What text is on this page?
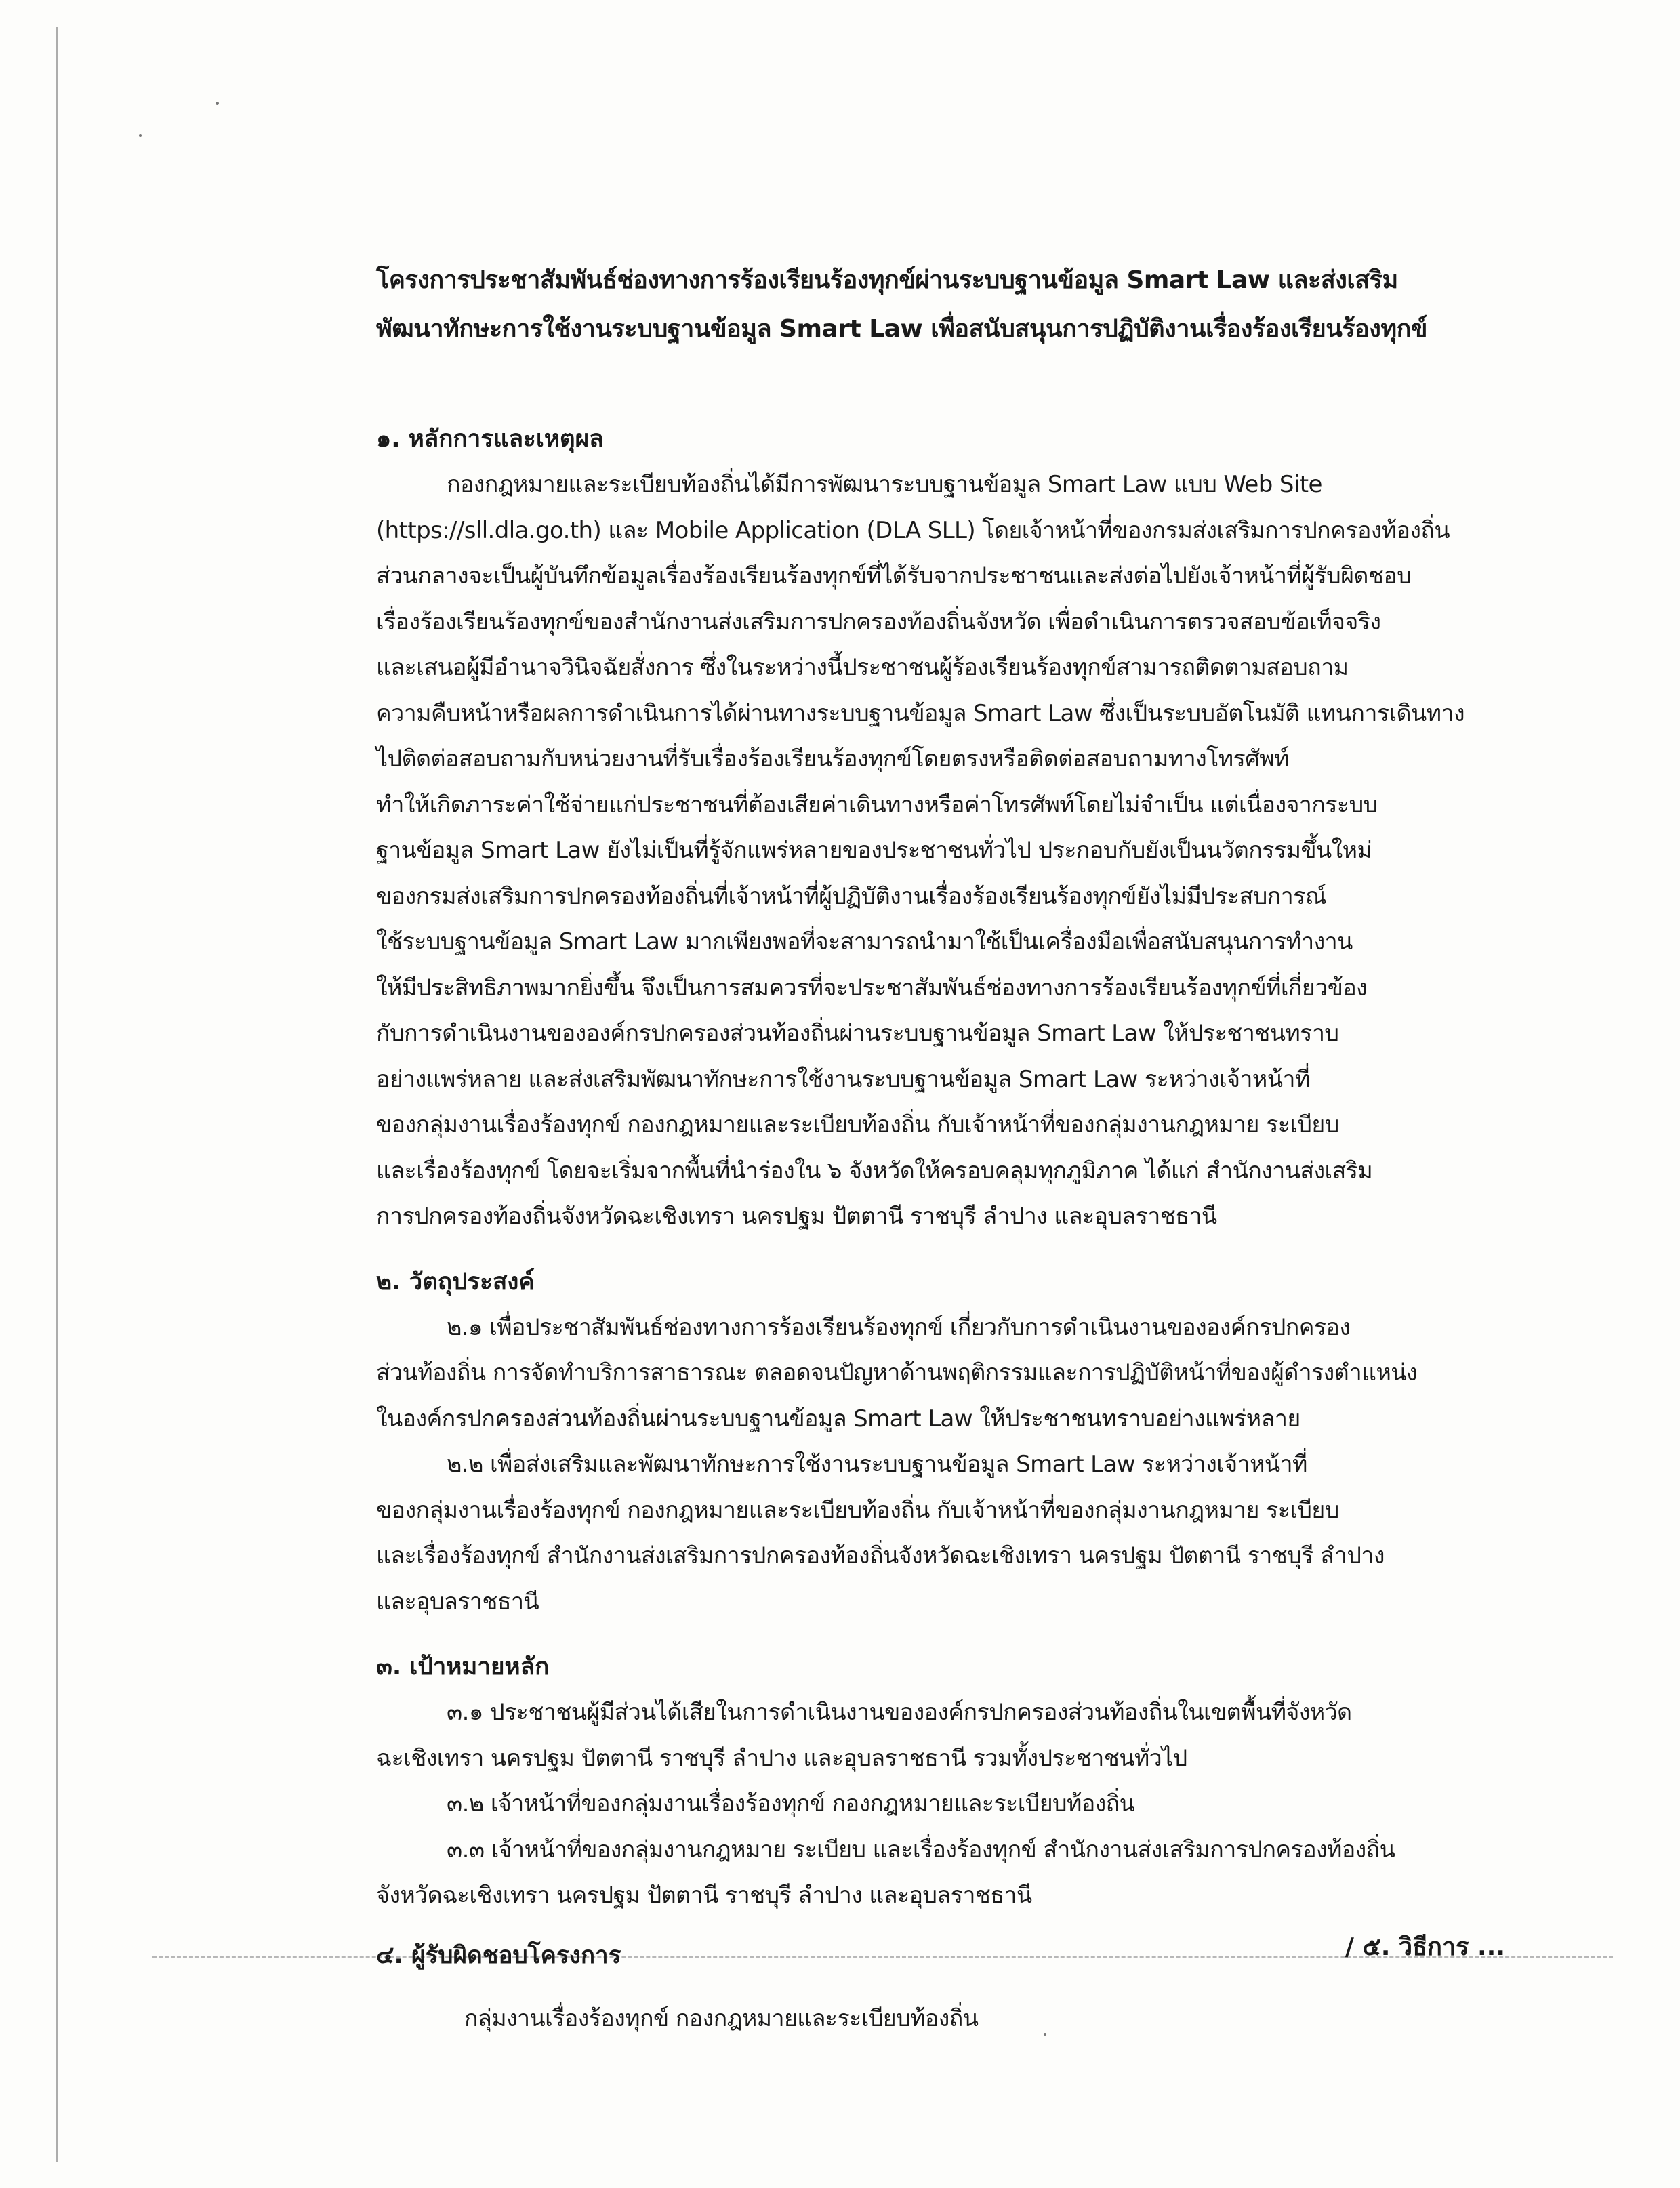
โครงการประชาสัมพันธ์ช่องทางการร้องเรียนร้องทุกข์ผ่านระบบฐานข้อมูล Smart Law และส่งเสริม
พัฒนาทักษะการใช้งานระบบฐานข้อมูล Smart Law เพื่อสนับสนุนการปฏิบัติงานเรื่องร้องเรียนร้องทุกข์
๑. หลักการและเหตุผล
กองกฎหมายและระเบียบท้องถิ่นได้มีการพัฒนาระบบฐานข้อมูล Smart Law แบบ Web Site
(https://sll.dla.go.th) และ Mobile Application (DLA SLL) โดยเจ้าหน้าที่ของกรมส่งเสริมการปกครองท้องถิ่น
ส่วนกลางจะเป็นผู้บันทึกข้อมูลเรื่องร้องเรียนร้องทุกข์ที่ได้รับจากประชาชนและส่งต่อไปยังเจ้าหน้าที่ผู้รับผิดชอบ
เรื่องร้องเรียนร้องทุกข์ของสำนักงานส่งเสริมการปกครองท้องถิ่นจังหวัด เพื่อดำเนินการตรวจสอบข้อเท็จจริง
และเสนอผู้มีอำนาจวินิจฉัยสั่งการ ซึ่งในระหว่างนี้ประชาชนผู้ร้องเรียนร้องทุกข์สามารถติดตามสอบถาม
ความคืบหน้าหรือผลการดำเนินการได้ผ่านทางระบบฐานข้อมูล Smart Law ซึ่งเป็นระบบอัตโนมัติ แทนการเดินทาง
ไปติดต่อสอบถามกับหน่วยงานที่รับเรื่องร้องเรียนร้องทุกข์โดยตรงหรือติดต่อสอบถามทางโทรศัพท์
ทำให้เกิดภาระค่าใช้จ่ายแก่ประชาชนที่ต้องเสียค่าเดินทางหรือค่าโทรศัพท์โดยไม่จำเป็น แต่เนื่องจากระบบ
ฐานข้อมูล Smart Law ยังไม่เป็นที่รู้จักแพร่หลายของประชาชนทั่วไป ประกอบกับยังเป็นนวัตกรรมขึ้นใหม่
ของกรมส่งเสริมการปกครองท้องถิ่นที่เจ้าหน้าที่ผู้ปฏิบัติงานเรื่องร้องเรียนร้องทุกข์ยังไม่มีประสบการณ์
ใช้ระบบฐานข้อมูล Smart Law มากเพียงพอที่จะสามารถนำมาใช้เป็นเครื่องมือเพื่อสนับสนุนการทำงาน
ให้มีประสิทธิภาพมากยิ่งขึ้น จึงเป็นการสมควรที่จะประชาสัมพันธ์ช่องทางการร้องเรียนร้องทุกข์ที่เกี่ยวข้อง
กับการดำเนินงานขององค์กรปกครองส่วนท้องถิ่นผ่านระบบฐานข้อมูล Smart Law ให้ประชาชนทราบ
อย่างแพร่หลาย และส่งเสริมพัฒนาทักษะการใช้งานระบบฐานข้อมูล Smart Law ระหว่างเจ้าหน้าที่
ของกลุ่มงานเรื่องร้องทุกข์ กองกฎหมายและระเบียบท้องถิ่น กับเจ้าหน้าที่ของกลุ่มงานกฎหมาย ระเบียบ
และเรื่องร้องทุกข์ โดยจะเริ่มจากพื้นที่นำร่องใน ๖ จังหวัดให้ครอบคลุมทุกภูมิภาค ได้แก่ สำนักงานส่งเสริม
การปกครองท้องถิ่นจังหวัดฉะเชิงเทรา นครปฐม ปัตตานี ราชบุรี ลำปาง และอุบลราชธานี
๒. วัตถุประสงค์
๒.๑ เพื่อประชาสัมพันธ์ช่องทางการร้องเรียนร้องทุกข์ เกี่ยวกับการดำเนินงานขององค์กรปกครอง
ส่วนท้องถิ่น การจัดทำบริการสาธารณะ ตลอดจนปัญหาด้านพฤติกรรมและการปฏิบัติหน้าที่ของผู้ดำรงตำแหน่ง
ในองค์กรปกครองส่วนท้องถิ่นผ่านระบบฐานข้อมูล Smart Law ให้ประชาชนทราบอย่างแพร่หลาย
๒.๒ เพื่อส่งเสริมและพัฒนาทักษะการใช้งานระบบฐานข้อมูล Smart Law ระหว่างเจ้าหน้าที่
ของกลุ่มงานเรื่องร้องทุกข์ กองกฎหมายและระเบียบท้องถิ่น กับเจ้าหน้าที่ของกลุ่มงานกฎหมาย ระเบียบ
และเรื่องร้องทุกข์ สำนักงานส่งเสริมการปกครองท้องถิ่นจังหวัดฉะเชิงเทรา นครปฐม ปัตตานี ราชบุรี ลำปาง
และอุบลราชธานี
๓. เป้าหมายหลัก
๓.๑ ประชาชนผู้มีส่วนได้เสียในการดำเนินงานขององค์กรปกครองส่วนท้องถิ่นในเขตพื้นที่จังหวัด
ฉะเชิงเทรา นครปฐม ปัตตานี ราชบุรี ลำปาง และอุบลราชธานี รวมทั้งประชาชนทั่วไป
๓.๒ เจ้าหน้าที่ของกลุ่มงานเรื่องร้องทุกข์ กองกฎหมายและระเบียบท้องถิ่น
๓.๓ เจ้าหน้าที่ของกลุ่มงานกฎหมาย ระเบียบ และเรื่องร้องทุกข์ สำนักงานส่งเสริมการปกครองท้องถิ่น
จังหวัดฉะเชิงเทรา นครปฐม ปัตตานี ราชบุรี ลำปาง และอุบลราชธานี
๔. ผู้รับผิดชอบโครงการ
กลุ่มงานเรื่องร้องทุกข์ กองกฎหมายและระเบียบท้องถิ่น
/ ๕. วิธีการ ...
